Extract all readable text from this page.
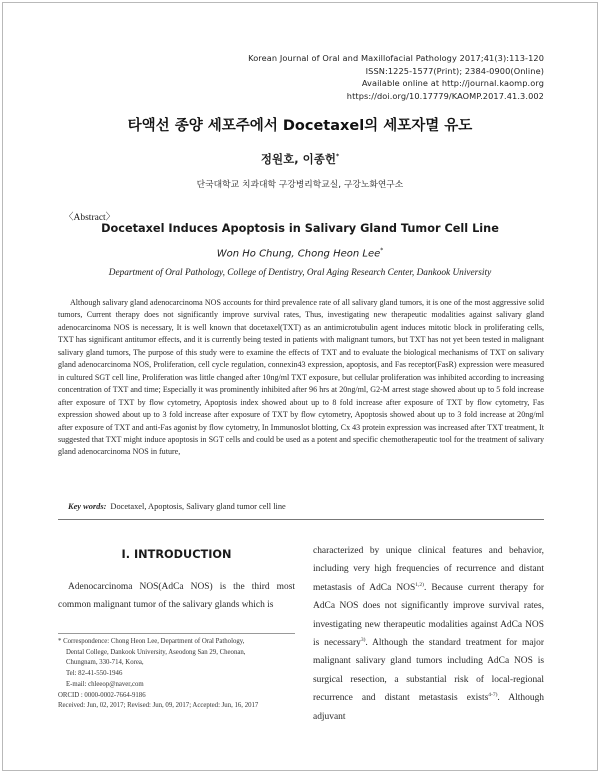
Korean Journal of Oral and Maxillofacial Pathology 2017;41(3):113-120
ISSN:1225-1577(Print); 2384-0900(Online)
Available online at http://journal.kaomp.org
https://doi.org/10.17779/KAOMP.2017.41.3.002
타액선 종양 세포주에서 Docetaxel의 세포자멸 유도
정원호, 이종헌*
단국대학교 치과대학 구강병리학교실, 구강노화연구소
〈Abstract〉
Docetaxel Induces Apoptosis in Salivary Gland Tumor Cell Line
Won Ho Chung, Chong Heon Lee*
Department of Oral Pathology, College of Dentistry, Oral Aging Research Center, Dankook University

Although salivary gland adenocarcinoma NOS accounts for third prevalence rate of all salivary gland tumors, it is one of the most aggressive solid tumors, Current therapy does not significantly improve survival rates, Thus, investigating new therapeutic modalities against salivary gland adenocarcinoma NOS is necessary, It is well known that docetaxel(TXT) as an antimicrotubulin agent induces mitotic block in proliferating cells, TXT has significant antitumor effects, and it is currently being tested in patients with malignant tumors, but TXT has not yet been tested in malignant salivary gland tumors, The purpose of this study were to examine the effects of TXT and to evaluate the biological mechanisms of TXT on salivary gland adenocarcinoma NOS, Proliferation, cell cycle regulation, connexin43 expression, apoptosis, and Fas receptor(FasR) expression were measured in cultured SGT cell line, Proliferation was little changed after 10ng/ml TXT exposure, but cellular proliferation was inhibited according to increasing concentration of TXT and time; Especially it was prominently inhibited after 96 hrs at 20ng/ml, G2-M arrest stage showed about up to 5 fold increase after exposure of TXT by flow cytometry, Apoptosis index showed about up to 8 fold increase after exposure of TXT by flow cytometry, Fas expression showed about up to 3 fold increase after exposure of TXT by flow cytometry, Apoptosis showed about up to 3 fold increase at 20ng/ml after exposure of TXT and anti-Fas agonist by flow cytometry, In Immunoslot blotting, Cx 43 protein expression was increased after TXT treatment, It suggested that TXT might induce apoptosis in SGT cells and could be used as a potent and specific chemotherapeutic tool for the treatment of salivary gland adenocarcinoma NOS in future,

Key words: Docetaxel, Apoptosis, Salivary gland tumor cell line
Ⅰ. INTRODUCTION

Adenocarcinoma NOS(AdCa NOS) is the third most common malignant tumor of the salivary glands which is

characterized by unique clinical features and behavior, including very high frequencies of recurrence and distant metastasis of AdCa NOS$^{1,2)}$. Because current therapy for AdCa NOS does not significantly improve survival rates, investigating new therapeutic modalities against AdCa NOS is necessary$^{3)}$. Although the standard treatment for major malignant salivary gland tumors including AdCa NOS is surgical resection, a substantial risk of local-regional recurrence and distant metastasis exists$^{4-7)}$. Although adjuvant

* Correspondence: Chong Heon Lee, Department of Oral Pathology,
Dental College, Dankook University, Aseodong San 29, Cheonan,
Chungnam, 330-714, Korea,
Tel: 82-41-550-1946
E-mail: chleeop@naver,com
ORCID : 0000-0002-7664-9186
Received: Jun, 02, 2017; Revised: Jun, 09, 2017; Accepted: Jun, 16, 2017
